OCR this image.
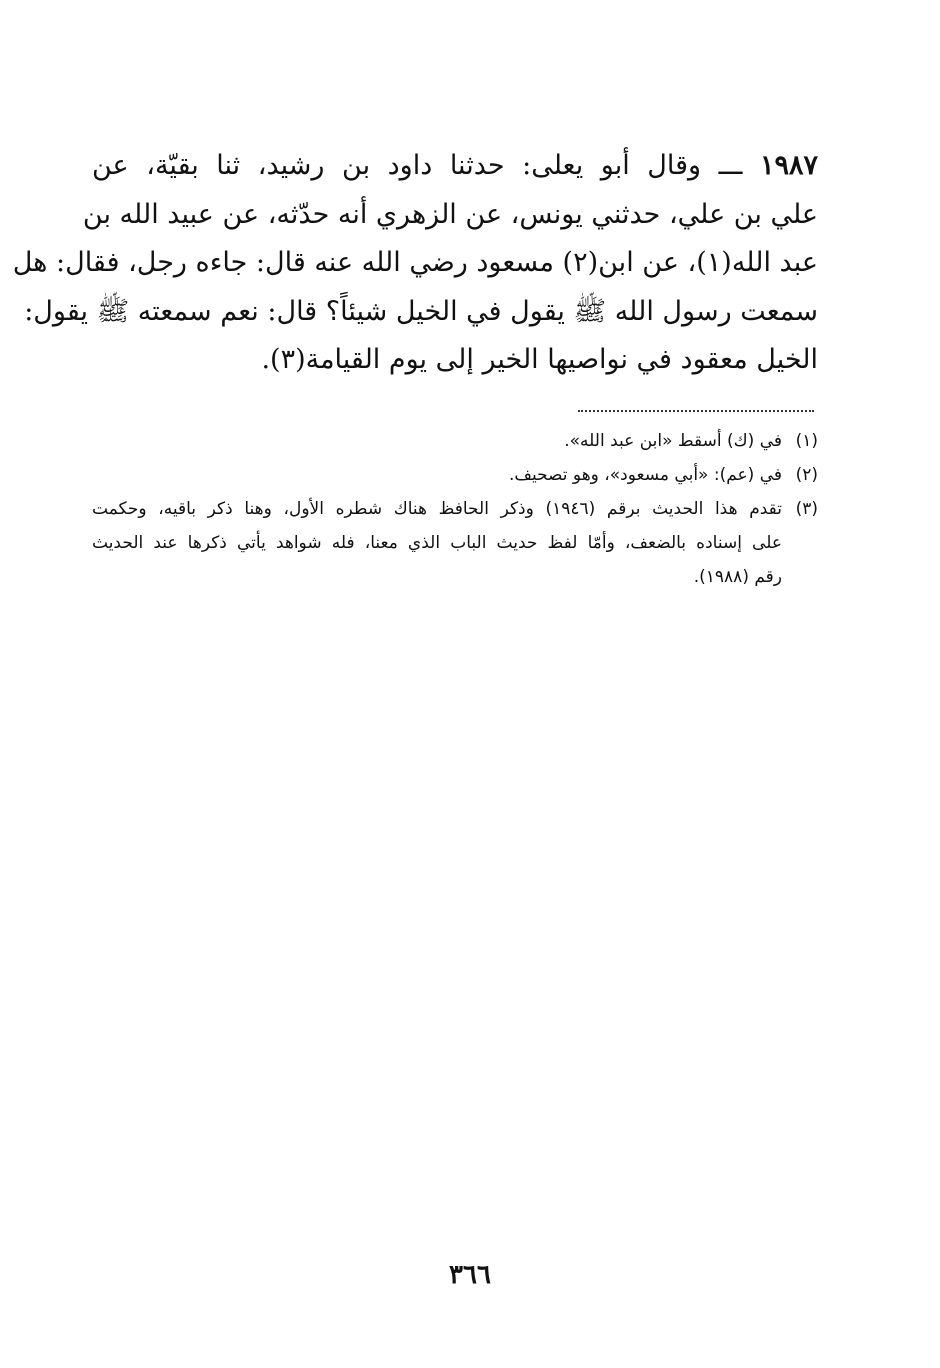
١٩٨٧ ـــ وقال أبو يعلى: حدثنا داود بن رشيد، ثنا بقيّة، عن
علي بن علي، حدثني يونس، عن الزهري أنه حدّثه، عن عبيد الله بن
عبد الله(١)، عن ابن(٢) مسعود رضي الله عنه قال: جاءه رجل، فقال: هل
سمعت رسول الله ﷺ يقول في الخيل شيئاً؟ قال: نعم سمعته ﷺ يقول:
الخيل معقود في نواصيها الخير إلى يوم القيامة(٣).
(١)
في (ك) أسقط «ابن عبد الله».
(٢)
في (عم): «أبي مسعود»، وهو تصحيف.
(٣)
تقدم هذا الحديث برقم (١٩٤٦) وذكر الحافظ هناك شطره الأول، وهنا ذكر باقيه، وحكمت
على إسناده بالضعف، وأمّا لفظ حديث الباب الذي معنا، فله شواهد يأتي ذكرها عند الحديث
رقم (١٩٨٨).
٣٦٦
